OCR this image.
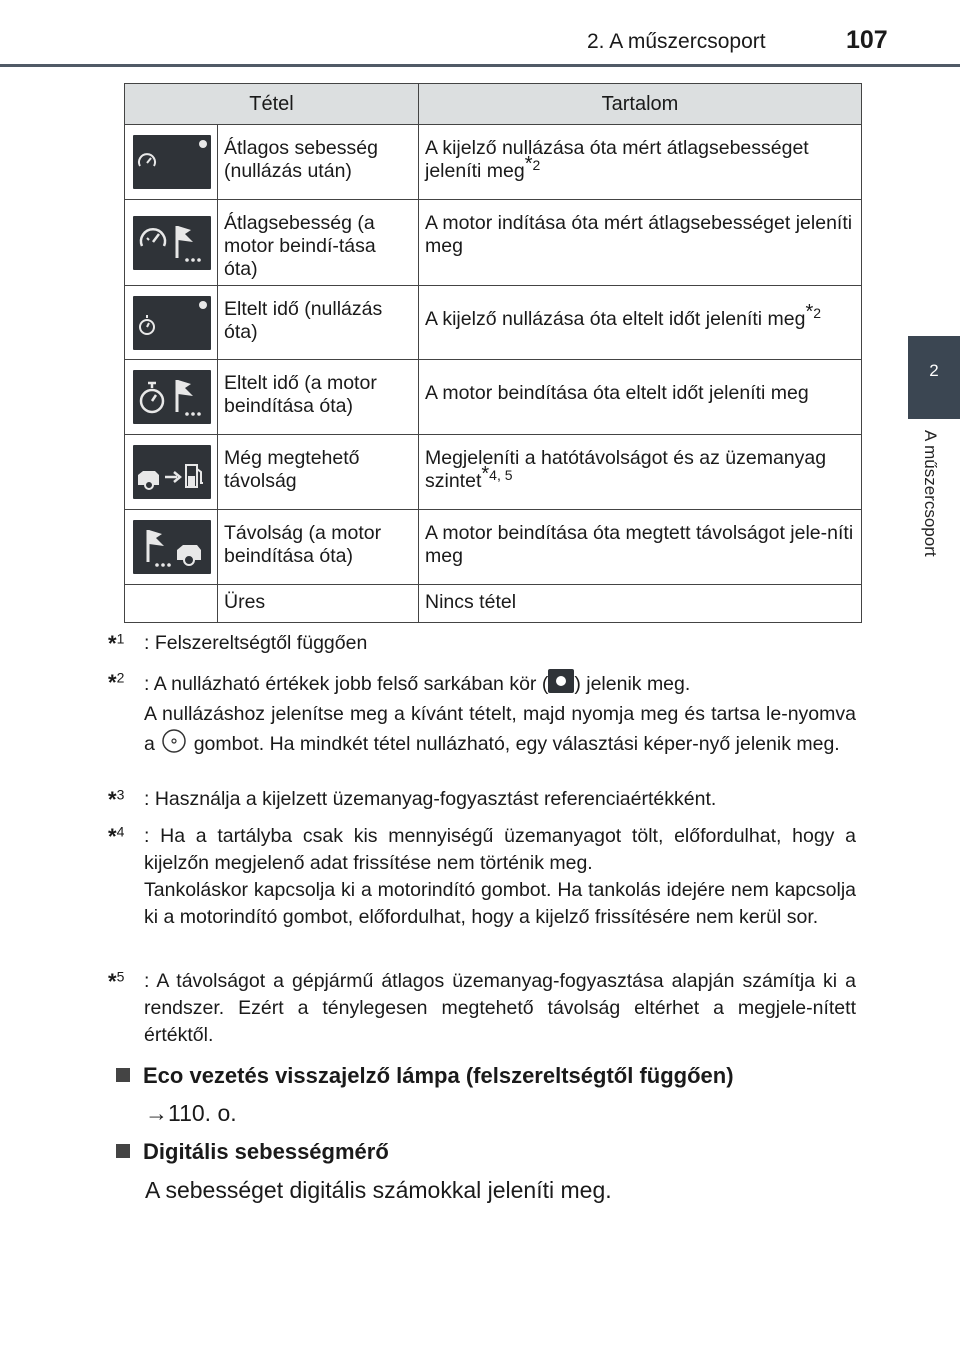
2. A műszercsoport	107
2
A műszercsoport
Tétel		Tartalom

Átlagos sebesség (nullázás után)	A kijelző nullázása óta mért átlagsebességet jeleníti meg$^{*2}$

Átlagsebesség (a motor beindí-tása óta)	A motor indítása óta mért átlagsebességet jeleníti meg

Eltelt idő (nullázás óta)	A kijelző nullázása óta eltelt időt jeleníti meg$^{*2}$

Eltelt idő (a motor beindítása óta)	A motor beindítása óta eltelt időt jeleníti meg

Még megtehető távolság	Megjeleníti a hatótávolságot és az üzemanyag szintet$^{*4, 5}$

Távolság (a motor beindítása óta)	A motor beindítása óta megtett távolságot jele-níti meg

	Üres	Nincs tétel
*$^1$ : Felszereltségtől függően
*$^2$ : A nullázható értékek jobb felső sarkában kör ( ) jelenik meg.
A nullázáshoz jelenítse meg a kívánt tételt, majd nyomja meg és tartsa le-nyomva a gombot. Ha mindkét tétel nullázható, egy választási képer-nyő jelenik meg.
*$^3$ : Használja a kijelzett üzemanyag-fogyasztást referenciaértékként.
*$^4$ : Ha a tartályba csak kis mennyiségű üzemanyagot tölt, előfordulhat, hogy a kijelzőn megjelenő adat frissítése nem történik meg.
Tankoláskor kapcsolja ki a motorindító gombot. Ha tankolás idejére nem kapcsolja ki a motorindító gombot, előfordulhat, hogy a kijelző frissítésére nem kerül sor.
*$^5$ : A távolságot a gépjármű átlagos üzemanyag-fogyasztása alapján számítja ki a rendszer. Ezért a ténylegesen megtehető távolság eltérhet a megjele-nített értéktől.
Eco vezetés visszajelző lámpa (felszereltségtől függően)
→110. o.
Digitális sebességmérő
A sebességet digitális számokkal jeleníti meg.
